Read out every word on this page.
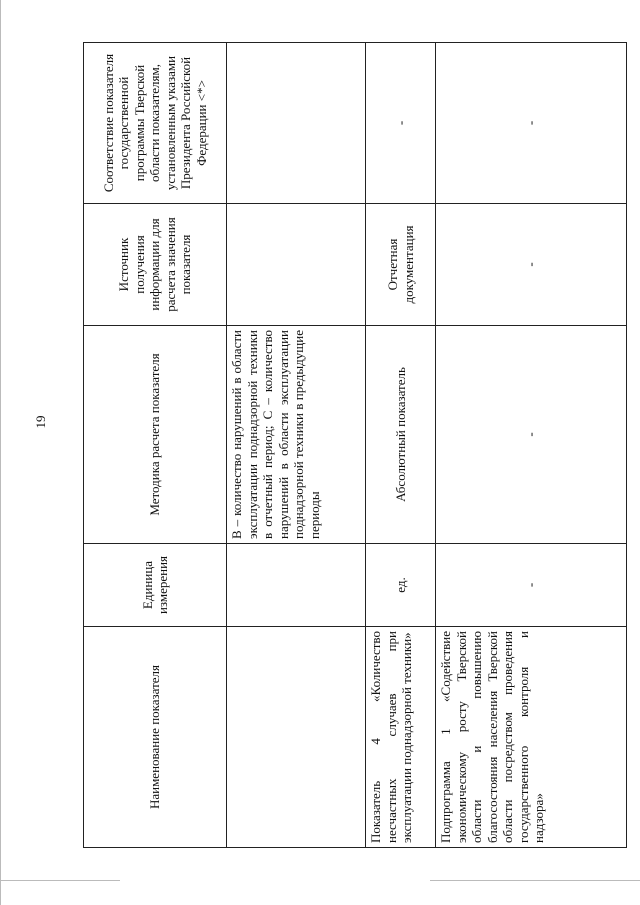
19
Наименование показателя	Единица измерения	Методика расчета показателя	Источник получения информации для расчета значения показателя	Соответствие показателя государственной программы Тверской области показателям, установленным указами Президента Российской Федерации <*>
		В – количество нарушений в области эксплуатации поднадзорной техники в отчетный период; С – количество нарушений в области эксплуатации поднадзорной техники в предыдущие периоды		
Показатель 4 «Количество несчастных случаев при эксплуатации поднадзорной техники»	ед.	Абсолютный показатель	Отчетная документация	-
Подпрограмма 1 «Содействие экономическому росту Тверской области и повышению благосостояния населения Тверской области посредством проведения государственного контроля и надзора»	-	-	-	-
